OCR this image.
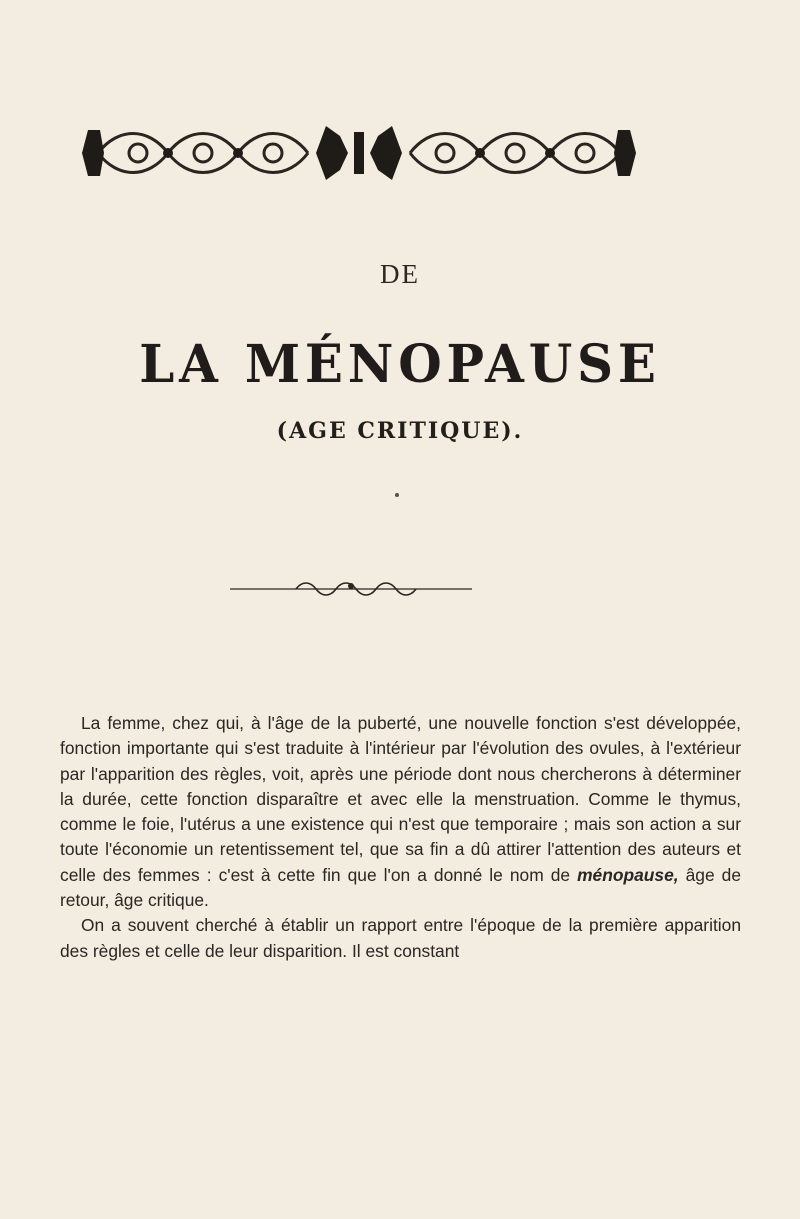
DE
LA MÉNOPAUSE
(AGE CRITIQUE).

La femme, chez qui, à l'âge de la puberté, une nouvelle fonction s'est développée, fonction importante qui s'est traduite à l'intérieur par l'évolution des ovules, à l'extérieur par l'apparition des règles, voit, après une période dont nous chercherons à déterminer la durée, cette fonction disparaître et avec elle la menstruation. Comme le thymus, comme le foie, l'utérus a une existence qui n'est que temporaire ; mais son action a sur toute l'économie un retentissement tel, que sa fin a dû attirer l'attention des auteurs et celle des femmes : c'est à cette fin que l'on a donné le nom de ménopause, âge de retour, âge critique.

On a souvent cherché à établir un rapport entre l'époque de la première apparition des règles et celle de leur disparition. Il est constant
